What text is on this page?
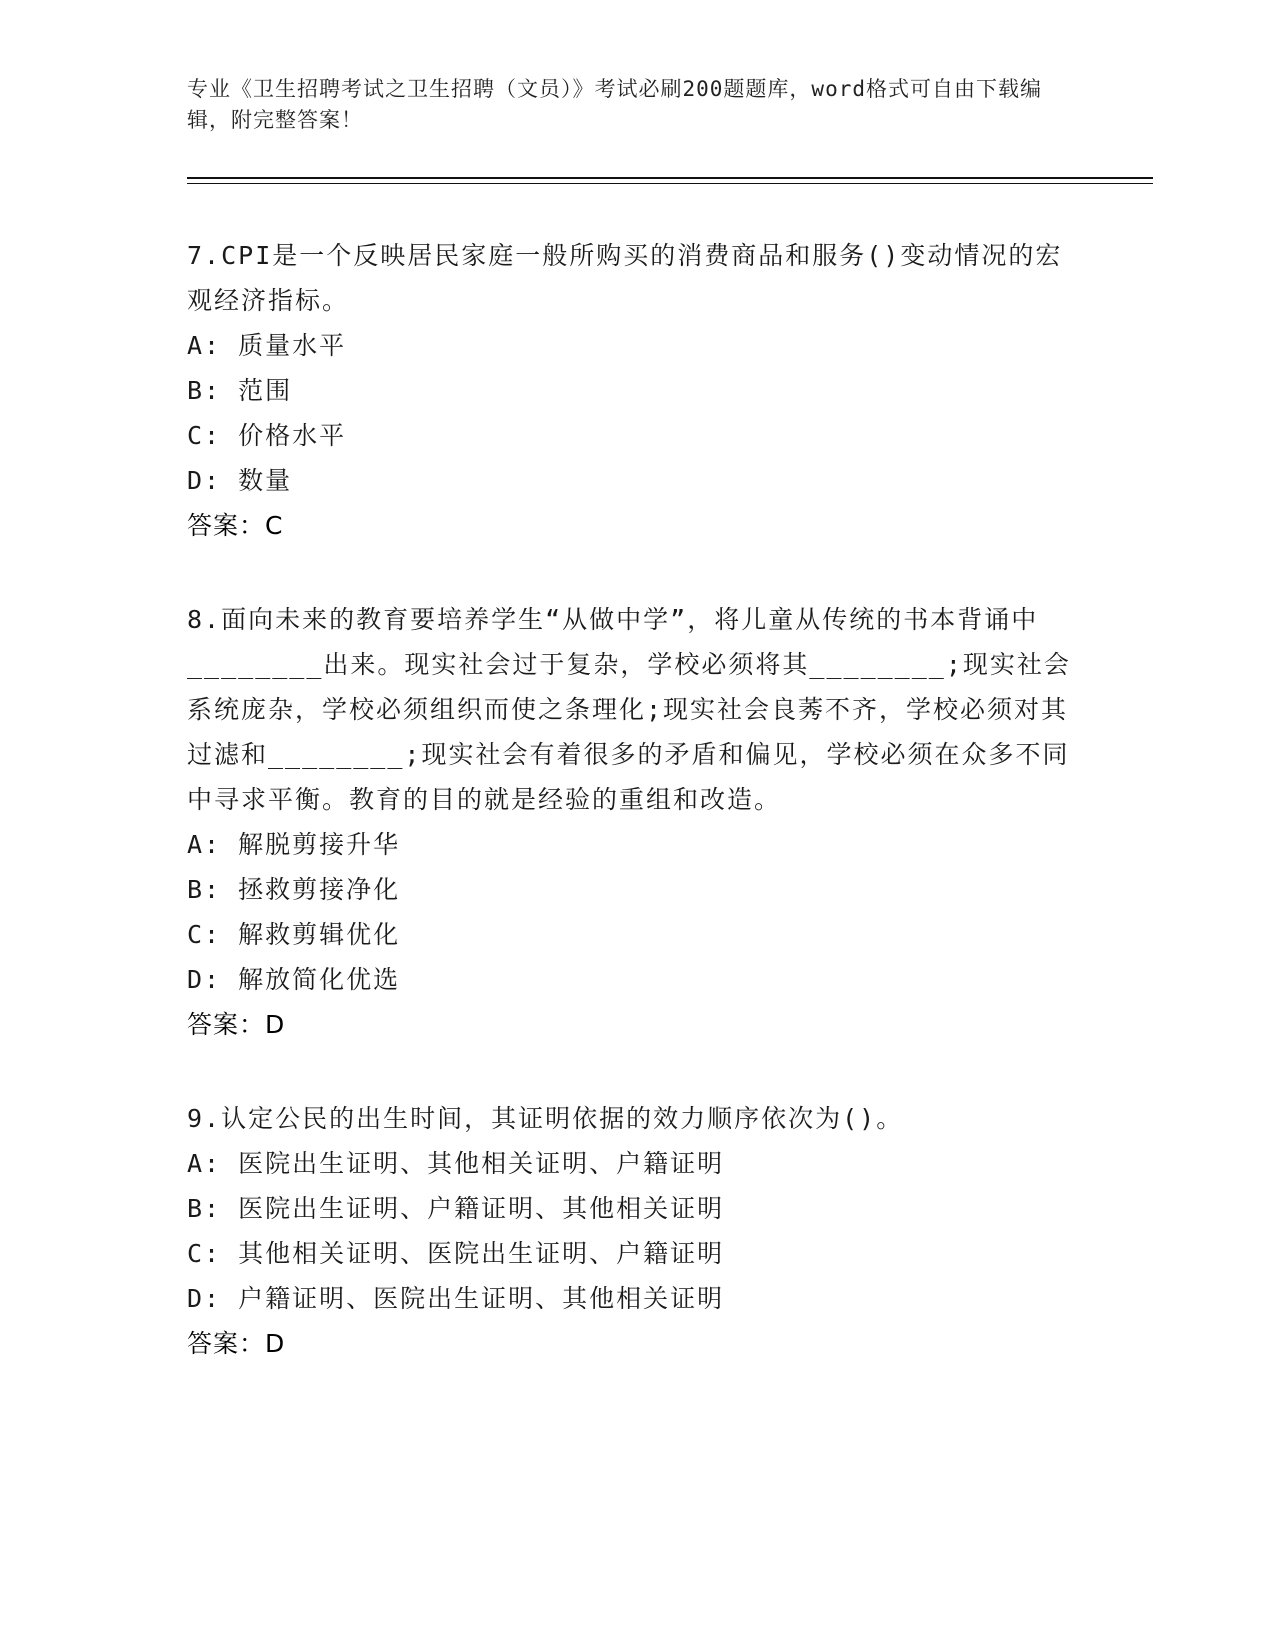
专业《卫生招聘考试之卫生招聘（文员）》考试必刷200题题库，word格式可自由下载编辑，附完整答案！
7.CPI是一个反映居民家庭一般所购买的消费商品和服务()变动情况的宏观经济指标。
A: 质量水平
B: 范围
C: 价格水平
D: 数量
答案：C
8.面向未来的教育要培养学生“从做中学”，将儿童从传统的书本背诵中________出来。现实社会过于复杂，学校必须将其________;现实社会系统庞杂，学校必须组织而使之条理化;现实社会良莠不齐，学校必须对其过滤和________;现实社会有着很多的矛盾和偏见，学校必须在众多不同中寻求平衡。教育的目的就是经验的重组和改造。
A: 解脱剪接升华
B: 拯救剪接净化
C: 解救剪辑优化
D: 解放简化优选
答案：D
9.认定公民的出生时间，其证明依据的效力顺序依次为()。
A: 医院出生证明、其他相关证明、户籍证明
B: 医院出生证明、户籍证明、其他相关证明
C: 其他相关证明、医院出生证明、户籍证明
D: 户籍证明、医院出生证明、其他相关证明
答案：D
